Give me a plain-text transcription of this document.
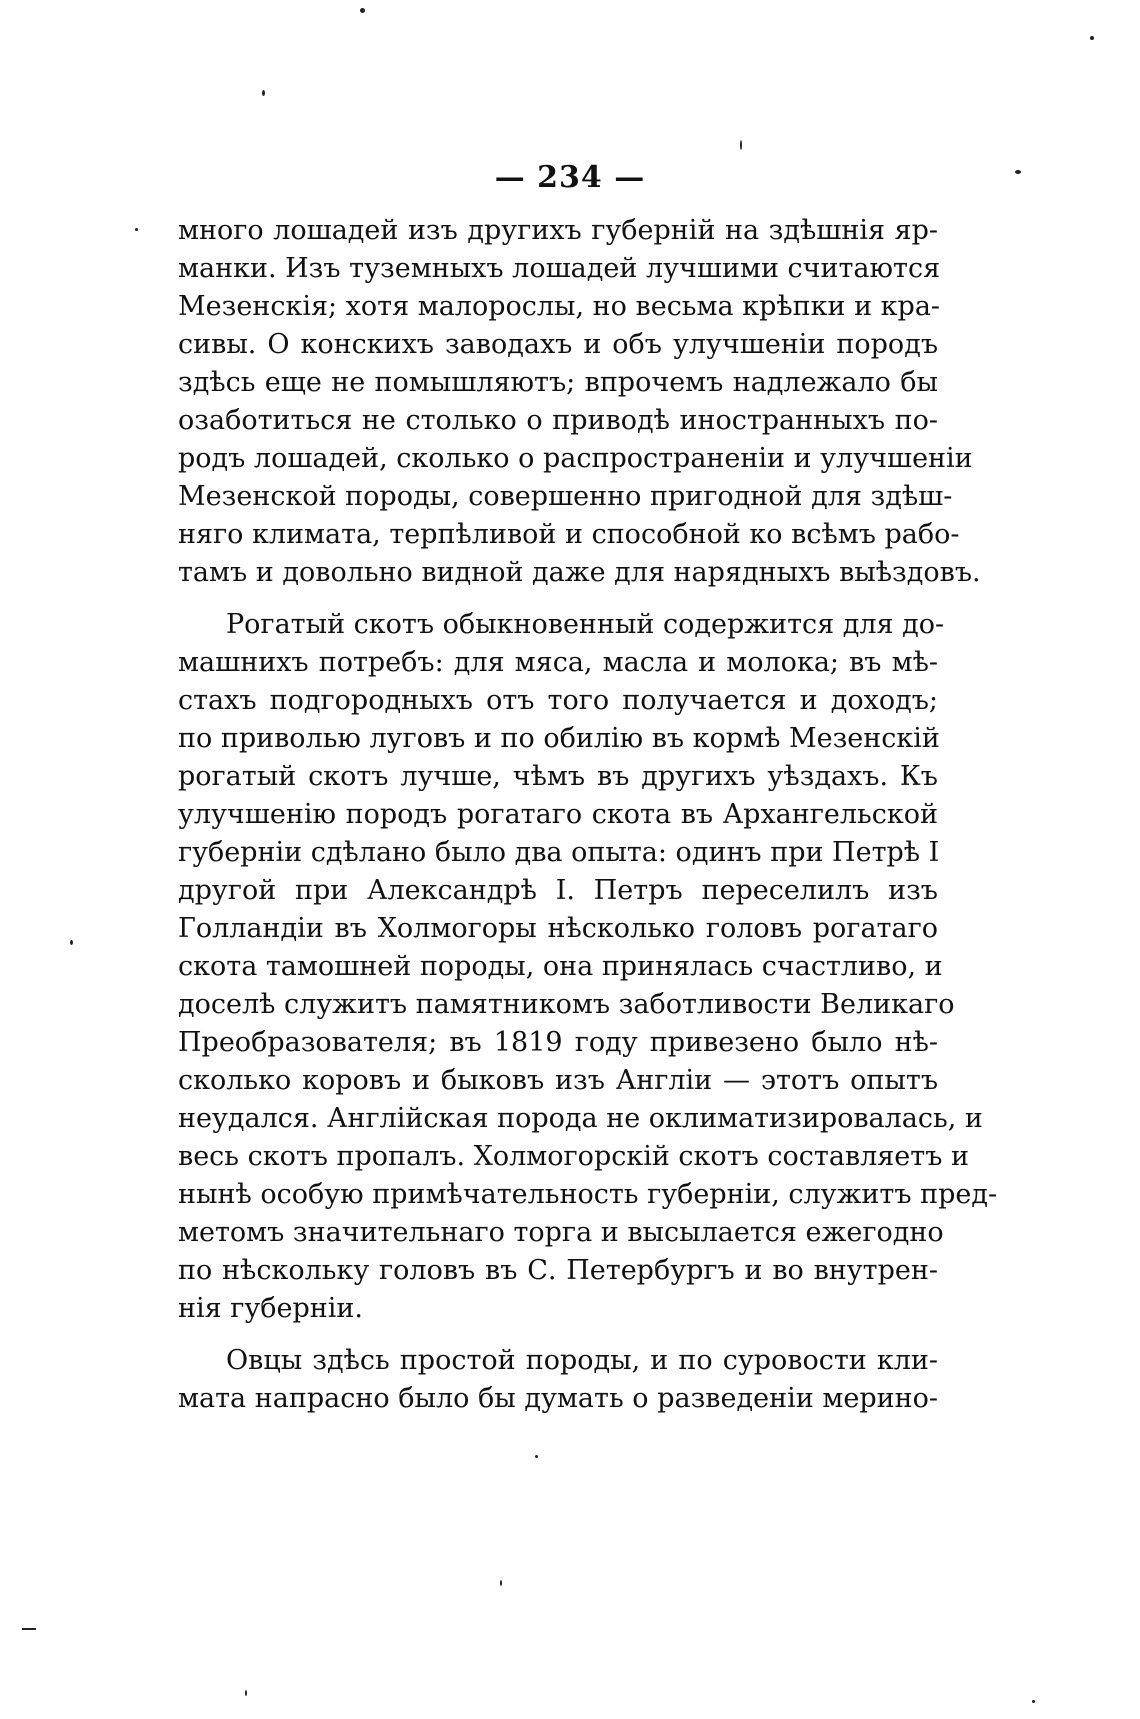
— 234 —
много лошадей изъ другихъ губерній на здѣшнія яр-
манки. Изъ туземныхъ лошадей лучшими считаются
Мезенскія; хотя малорослы, но весьма крѣпки и кра-
сивы. О конскихъ заводахъ и объ улучшеніи породъ
здѣсь еще не помышляютъ; впрочемъ надлежало бы
озаботиться не столько о приводѣ иностранныхъ по-
родъ лошадей, сколько о распространеніи и улучшеніи
Мезенской породы, совершенно пригодной для здѣш-
няго климата, терпѣливой и способной ко всѣмъ рабо-
тамъ и довольно видной даже для нарядныхъ выѣздовъ.
Рогатый скотъ обыкновенный содержится для до-
машнихъ потребъ: для мяса, масла и молока; въ мѣ-
стахъ подгородныхъ отъ того получается и доходъ;
по приволью луговъ и по обилію въ кормѣ Мезенскій
рогатый скотъ лучше, чѣмъ въ другихъ уѣздахъ. Къ
улучшенію породъ рогатаго скота въ Архангельской
губерніи сдѣлано было два опыта: одинъ при Петрѣ I
другой при Александрѣ I. Петръ переселилъ изъ
Голландіи въ Холмогоры нѣсколько головъ рогатаго
скота тамошней породы, она принялась счастливо, и
доселѣ служитъ памятникомъ заботливости Великаго
Преобразователя; въ 1819 году привезено было нѣ-
сколько коровъ и быковъ изъ Англіи — этотъ опытъ
неудался. Англійская порода не оклиматизировалась, и
весь скотъ пропалъ. Холмогорскій скотъ составляетъ и
нынѣ особую примѣчательность губерніи, служитъ пред-
метомъ значительнаго торга и высылается ежегодно
по нѣскольку головъ въ С. Петербургъ и во внутрен-
нія губерніи.
Овцы здѣсь простой породы, и по суровости кли-
мата напрасно было бы думать о разведеніи мерино-
